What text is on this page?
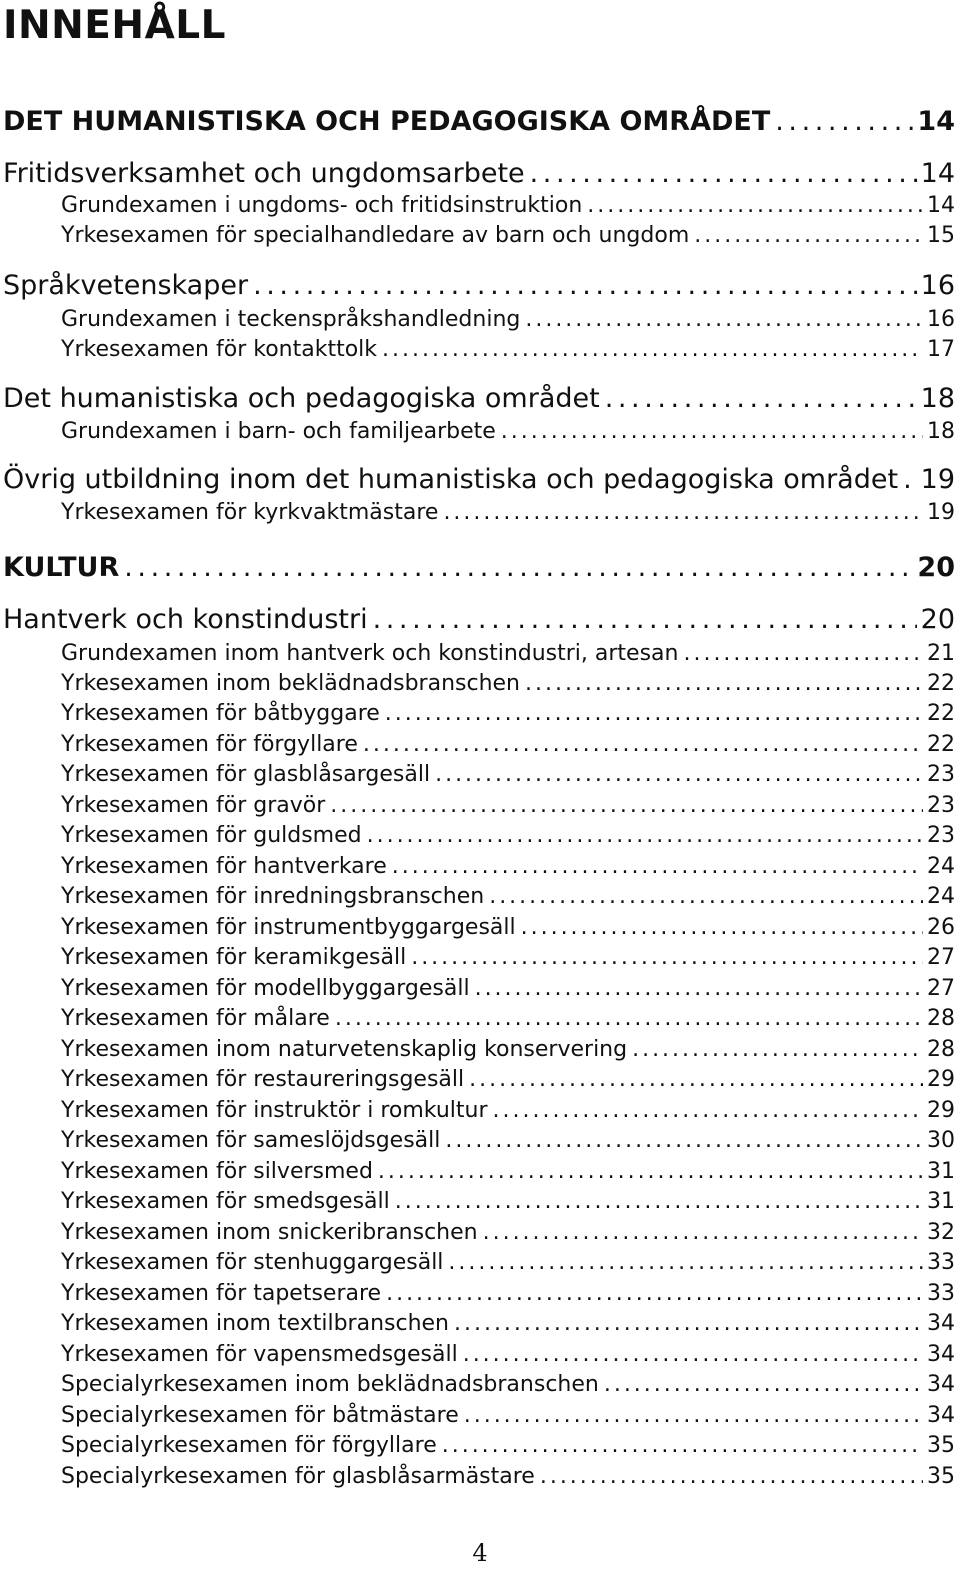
INNEHÅLL
DET HUMANISTISKA OCH PEDAGOGISKA OMRÅDET . . .	14
Fritidsverksamhet och ungdomsarbete . . .	14
Grundexamen i ungdoms- och fritidsinstruktion . . .	14
Yrkesexamen för specialhandledare av barn och ungdom . . .	15
Språkvetenskaper . . .	16
Grundexamen i teckenspråkshandledning . . .	16
Yrkesexamen för kontakttolk . . .	17
Det humanistiska och pedagogiska området . . .	18
Grundexamen i barn- och familjearbete . . .	18
Övrig utbildning inom det humanistiska och pedagogiska området . . . 19
Yrkesexamen för kyrkvaktmästare . . .	19
KULTUR . . .	20
Hantverk och konstindustri . . .	20
Grundexamen inom hantverk och konstindustri, artesan . . .	21
Yrkesexamen inom beklädnadsbranschen . . .	22
Yrkesexamen för båtbyggare . . .	22
Yrkesexamen för förgyllare . . .	22
Yrkesexamen för glasblåsargesäll . . .	23
Yrkesexamen för gravör . . .	23
Yrkesexamen för guldsmed . . .	23
Yrkesexamen för hantverkare . . .	24
Yrkesexamen för inredningsbranschen . . .	24
Yrkesexamen för instrumentbyggargesäll . . .	26
Yrkesexamen för keramikgesäll . . .	27
Yrkesexamen för modellbyggargesäll . . .	27
Yrkesexamen för målare . . .	28
Yrkesexamen inom naturvetenskaplig konservering . . .	28
Yrkesexamen för restaureringsgesäll . . .	29
Yrkesexamen för instruktör i romkultur . . .	29
Yrkesexamen för sameslöjdsgesäll . . .	30
Yrkesexamen för silversmed . . .	31
Yrkesexamen för smedsgesäll . . .	31
Yrkesexamen inom snickeribranschen . . .	32
Yrkesexamen för stenhuggargesäll . . .	33
Yrkesexamen för tapetserare . . .	33
Yrkesexamen inom textilbranschen . . .	34
Yrkesexamen för vapensmedsgesäll . . .	34
Specialyrkesexamen inom beklädnadsbranschen . . .	34
Specialyrkesexamen för båtmästare . . .	34
Specialyrkesexamen för förgyllare . . .	35
Specialyrkesexamen för glasblåsarmästare . . .	35
4
